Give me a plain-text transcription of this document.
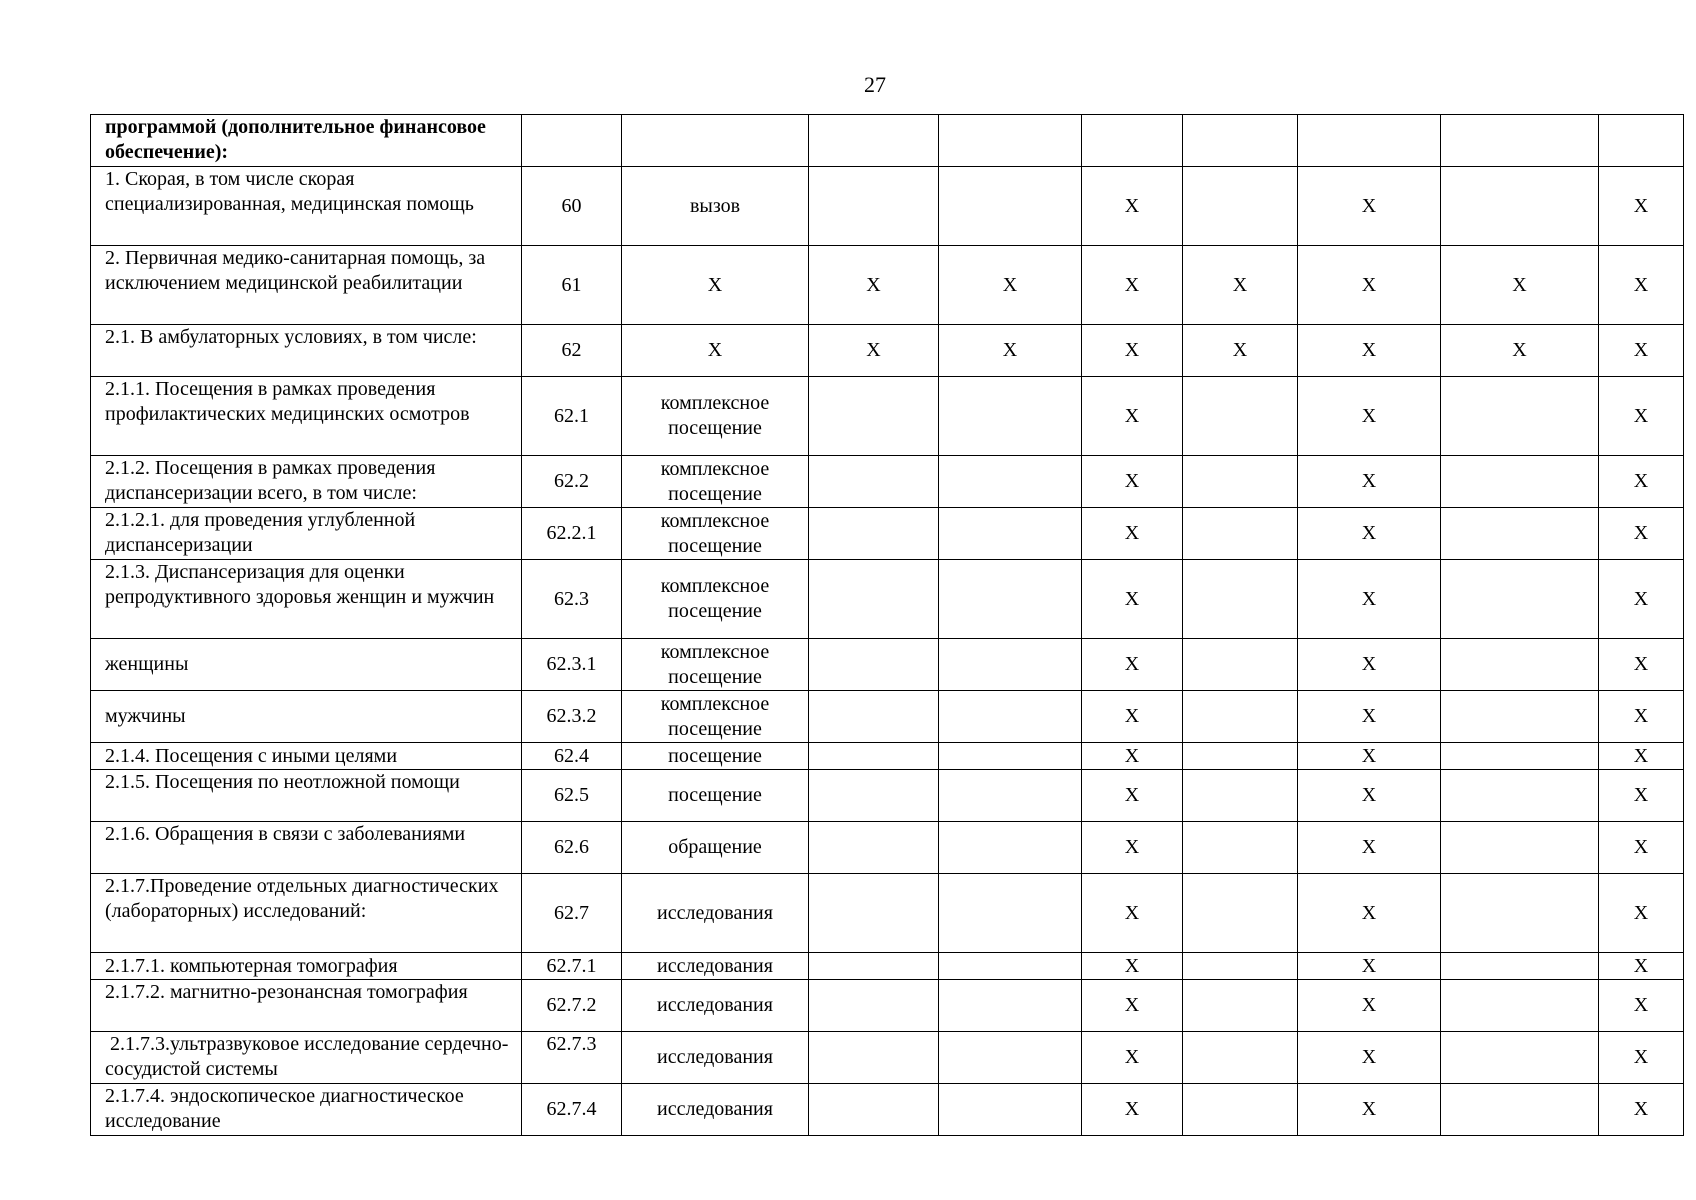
27
программой (дополнительное финансовое обеспечение):									
1. Скорая, в том числе скорая специализированная, медицинская помощь	60	вызов			X		X		X
2. Первичная медико-санитарная помощь, за исключением медицинской реабилитации	61	X	X	X	X	X	X	X	X
2.1. В амбулаторных условиях, в том числе:	62	X	X	X	X	X	X	X	X
2.1.1. Посещения в рамках проведения профилактических медицинских осмотров	62.1	комплексное посещение			X		X		X
2.1.2. Посещения в рамках проведения диспансеризации всего, в том числе:	62.2	комплексное посещение			X		X		X
2.1.2.1. для проведения углубленной диспансеризации	62.2.1	комплексное посещение			X		X		X
2.1.3. Диспансеризация для оценки репродуктивного здоровья женщин и мужчин	62.3	комплексное посещение			X		X		X
женщины	62.3.1	комплексное посещение			X		X		X
мужчины	62.3.2	комплексное посещение			X		X		X
2.1.4. Посещения с иными целями	62.4	посещение			X		X		X
2.1.5. Посещения по неотложной помощи	62.5	посещение			X		X		X
2.1.6. Обращения в связи с заболеваниями	62.6	обращение			X		X		X
2.1.7.Проведение отдельных диагностических (лабораторных) исследований:	62.7	исследования			X		X		X
2.1.7.1. компьютерная томография	62.7.1	исследования			X		X		X
2.1.7.2. магнитно-резонансная томография	62.7.2	исследования			X		X		X
2.1.7.3.ультразвуковое исследование сердечно-сосудистой системы	62.7.3	исследования			X		X		X
2.1.7.4. эндоскопическое диагностическое исследование	62.7.4	исследования			X		X		X
